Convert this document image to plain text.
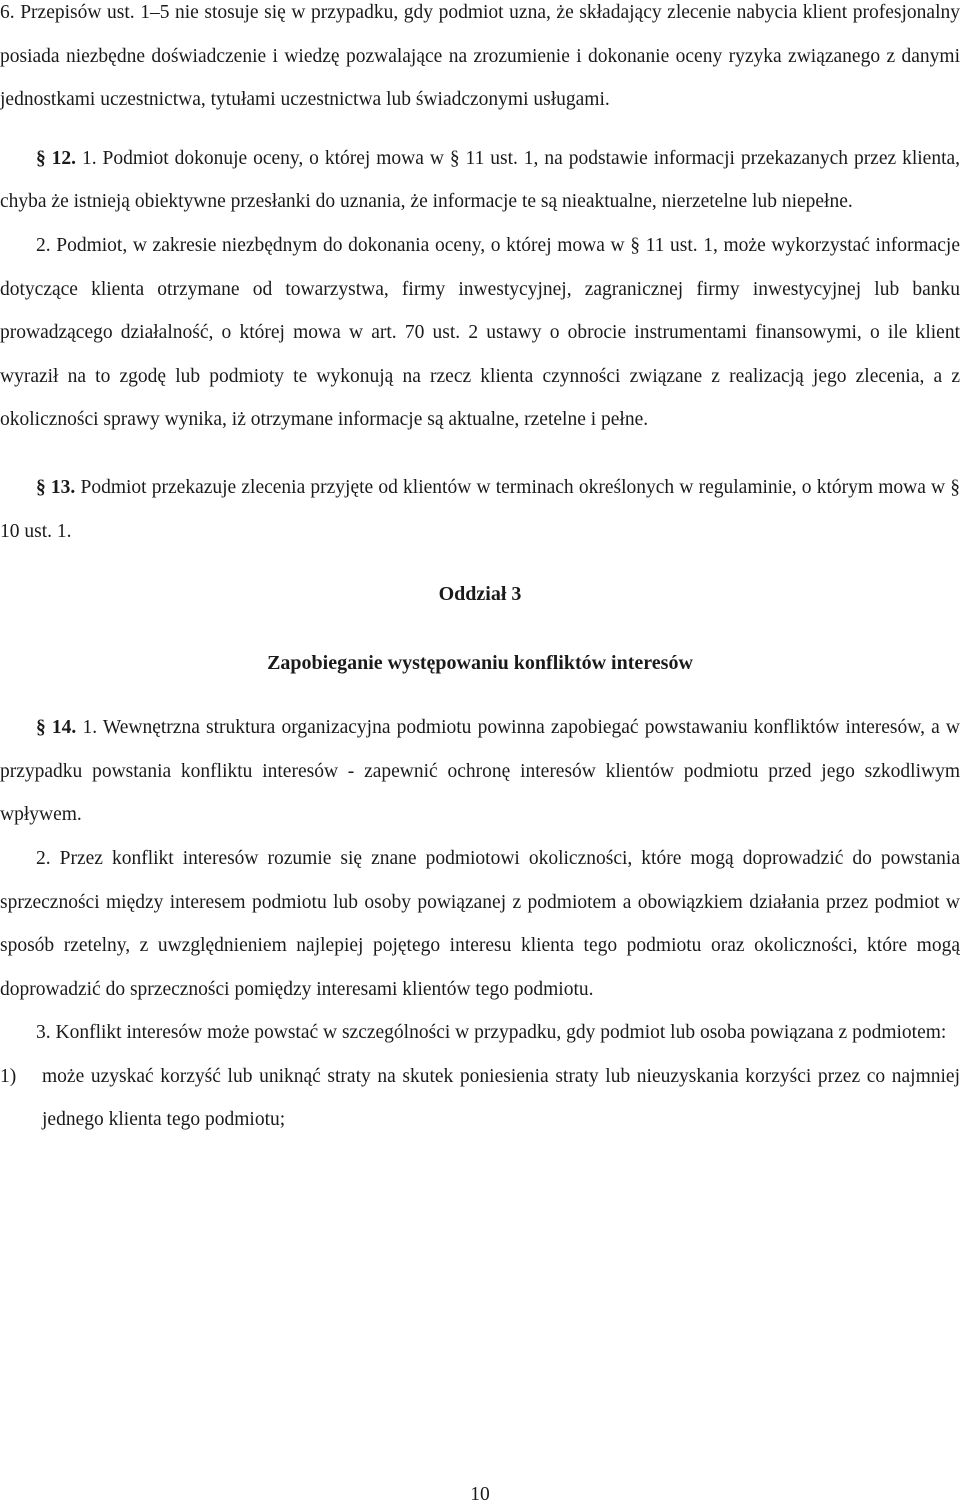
6. Przepisów ust. 1–5 nie stosuje się w przypadku, gdy podmiot uzna, że składający zlecenie nabycia klient profesjonalny posiada niezbędne doświadczenie i wiedzę pozwalające na zrozumienie i dokonanie oceny ryzyka związanego z danymi jednostkami uczestnictwa, tytułami uczestnictwa lub świadczonymi usługami.

§ 12. 1. Podmiot dokonuje oceny, o której mowa w § 11 ust. 1, na podstawie informacji przekazanych przez klienta, chyba że istnieją obiektywne przesłanki do uznania, że informacje te są nieaktualne, nierzetelne lub niepełne.

2. Podmiot, w zakresie niezbędnym do dokonania oceny, o której mowa w § 11 ust. 1, może wykorzystać informacje dotyczące klienta otrzymane od towarzystwa, firmy inwestycyjnej, zagranicznej firmy inwestycyjnej lub banku prowadzącego działalność, o której mowa w art. 70 ust. 2 ustawy o obrocie instrumentami finansowymi, o ile klient wyraził na to zgodę lub podmioty te wykonują na rzecz klienta czynności związane z realizacją jego zlecenia, a z okoliczności sprawy wynika, iż otrzymane informacje są aktualne, rzetelne i pełne.

§ 13. Podmiot przekazuje zlecenia przyjęte od klientów w terminach określonych w regulaminie, o którym mowa w § 10 ust. 1.

Oddział 3
Zapobieganie występowaniu konfliktów interesów

§ 14. 1. Wewnętrzna struktura organizacyjna podmiotu powinna zapobiegać powstawaniu konfliktów interesów, a w przypadku powstania konfliktu interesów - zapewnić ochronę interesów klientów podmiotu przed jego szkodliwym wpływem.

2. Przez konflikt interesów rozumie się znane podmiotowi okoliczności, które mogą doprowadzić do powstania sprzeczności między interesem podmiotu lub osoby powiązanej z podmiotem a obowiązkiem działania przez podmiot w sposób rzetelny, z uwzględnieniem najlepiej pojętego interesu klienta tego podmiotu oraz okoliczności, które mogą doprowadzić do sprzeczności pomiędzy interesami klientów tego podmiotu.

3. Konflikt interesów może powstać w szczególności w przypadku, gdy podmiot lub osoba powiązana z podmiotem:

1)	może uzyskać korzyść lub uniknąć straty na skutek poniesienia straty lub nieuzyskania korzyści przez co najmniej jednego klienta tego podmiotu;
10
